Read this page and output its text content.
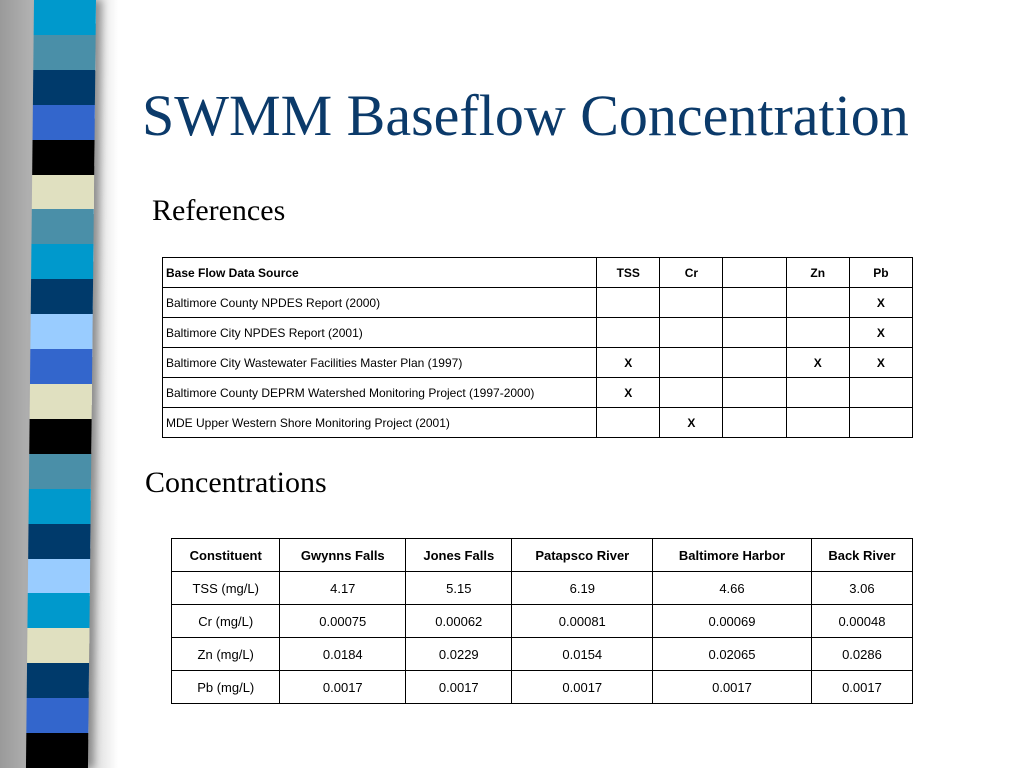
SWMM Baseflow Concentration
References
Base Flow Data Source	TSS	Cr		Zn	Pb
Baltimore County NPDES Report (2000)					X
Baltimore City NPDES Report (2001)					X
Baltimore City Wastewater Facilities Master Plan (1997)	X			X	X
Baltimore County DEPRM Watershed Monitoring Project (1997-2000)	X				
MDE Upper Western Shore Monitoring Project (2001)		X			
Concentrations
Constituent	Gwynns Falls	Jones Falls	Patapsco River	Baltimore Harbor	Back River
TSS (mg/L)	4.17	5.15	6.19	4.66	3.06
Cr (mg/L)	0.00075	0.00062	0.00081	0.00069	0.00048
Zn (mg/L)	0.0184	0.0229	0.0154	0.02065	0.0286
Pb (mg/L)	0.0017	0.0017	0.0017	0.0017	0.0017
